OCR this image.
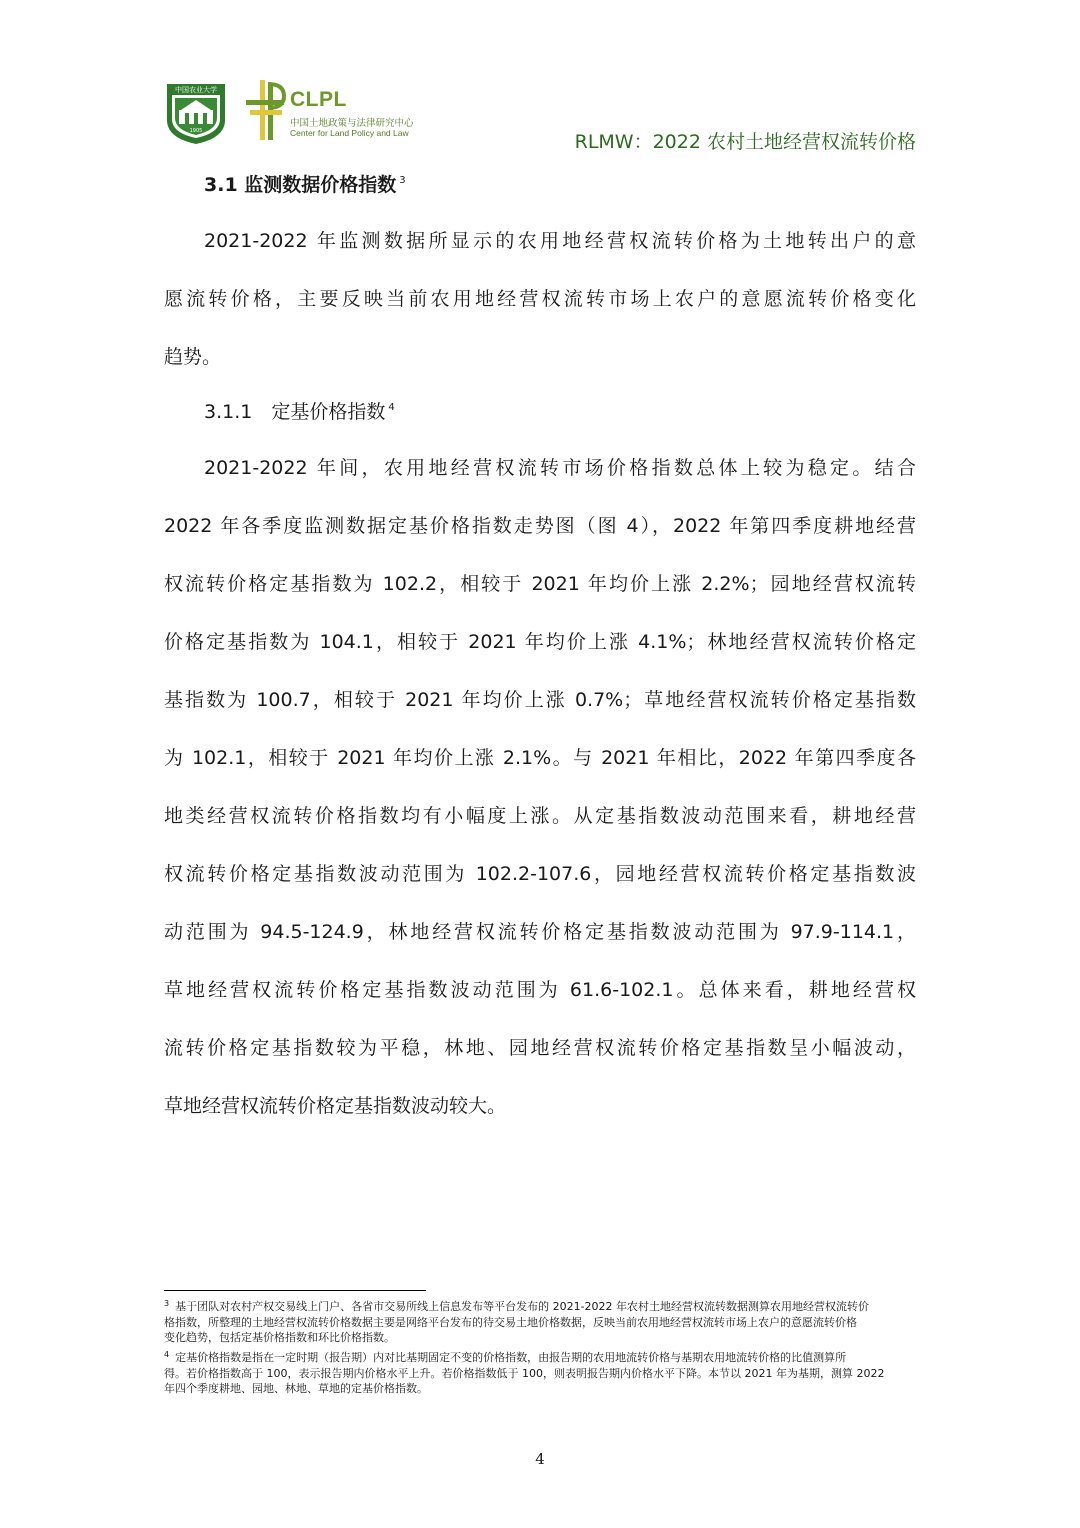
中国农业大学
1905
CLPL
中国土地政策与法律研究中心
Center for Land Policy and Law	RLMW：2022 农村土地经营权流转价格
3.1 监测数据价格指数 $^3$
2021-2022 年监测数据所显示的农用地经营权流转价格为土地转出户的意
愿流转价格，主要反映当前农用地经营权流转市场上农户的意愿流转价格变化
趋势。
3.1.1　定基价格指数 $^4$
2021-2022 年间，农用地经营权流转市场价格指数总体上较为稳定。结合
2022 年各季度监测数据定基价格指数走势图（图 4），2022 年第四季度耕地经营
权流转价格定基指数为 102.2，相较于 2021 年均价上涨 2.2%；园地经营权流转
价格定基指数为 104.1，相较于 2021 年均价上涨 4.1%；林地经营权流转价格定
基指数为 100.7，相较于 2021 年均价上涨 0.7%；草地经营权流转价格定基指数
为 102.1，相较于 2021 年均价上涨 2.1%。与 2021 年相比，2022 年第四季度各
地类经营权流转价格指数均有小幅度上涨。从定基指数波动范围来看，耕地经营
权流转价格定基指数波动范围为 102.2-107.6，园地经营权流转价格定基指数波
动范围为 94.5-124.9，林地经营权流转价格定基指数波动范围为 97.9-114.1，
草地经营权流转价格定基指数波动范围为 61.6-102.1。总体来看，耕地经营权
流转价格定基指数较为平稳，林地、园地经营权流转价格定基指数呈小幅波动，
草地经营权流转价格定基指数波动较大。
$^3$ 基于团队对农村产权交易线上门户、各省市交易所线上信息发布等平台发布的 2021-2022 年农村土地经营权流转数据测算农用地经营权流转价
格指数，所整理的土地经营权流转价格数据主要是网络平台发布的待交易土地价格数据，反映当前农用地经营权流转市场上农户的意愿流转价格
变化趋势，包括定基价格指数和环比价格指数。
$^4$ 定基价格指数是指在一定时期（报告期）内对比基期固定不变的价格指数，由报告期的农用地流转价格与基期农用地流转价格的比值测算所
得。若价格指数高于 100，表示报告期内价格水平上升。若价格指数低于 100，则表明报告期内价格水平下降。本节以 2021 年为基期，测算 2022
年四个季度耕地、园地、林地、草地的定基价格指数。
4
